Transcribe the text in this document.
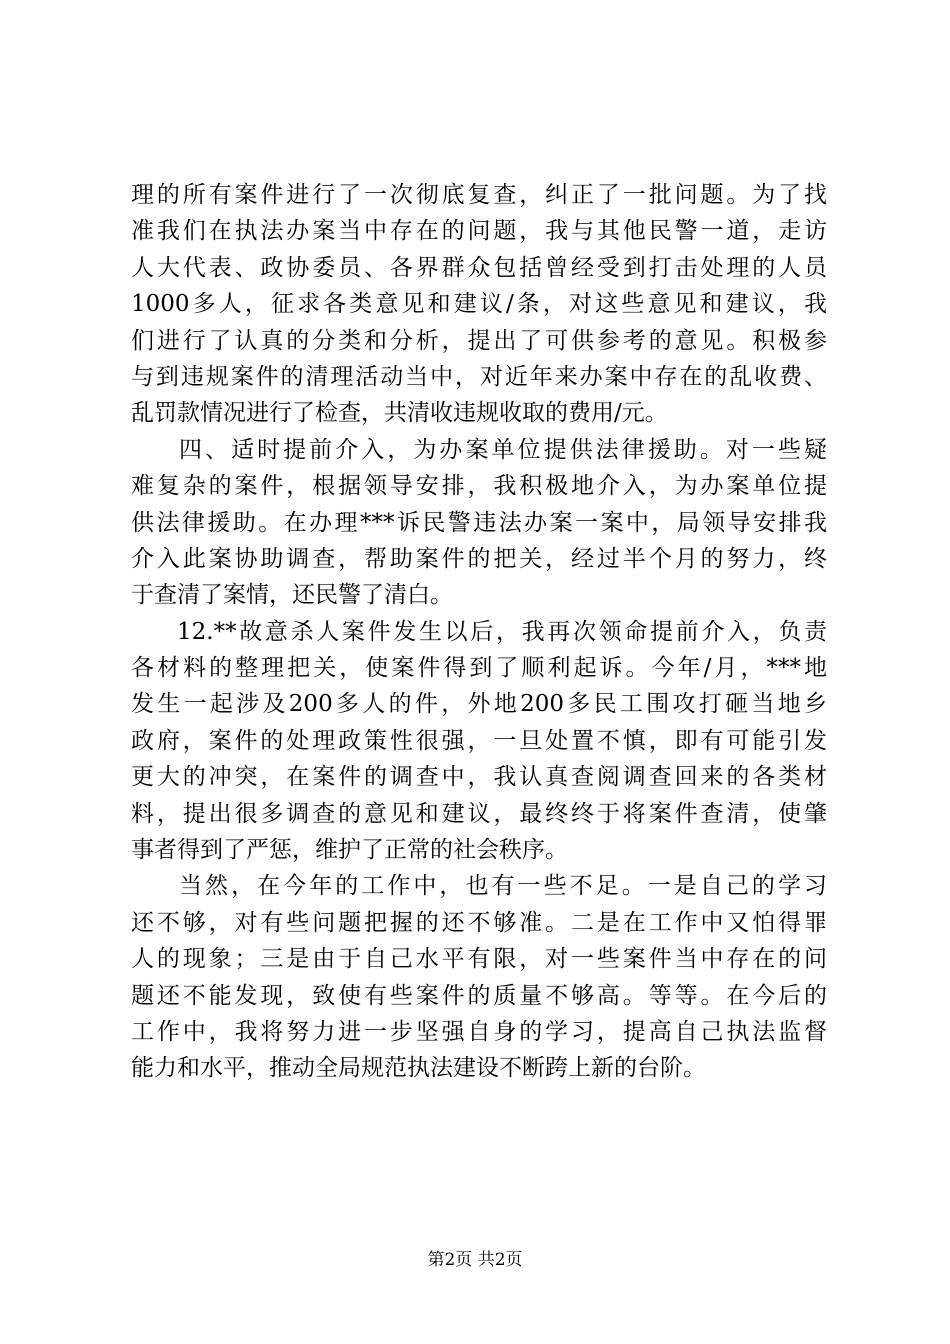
理的所有案件进行了一次彻底复查，纠正了一批问题。为了找
准我们在执法办案当中存在的问题，我与其他民警一道，走访
人大代表、政协委员、各界群众包括曾经受到打击处理的人员
1000多人，征求各类意见和建议/条，对这些意见和建议，我
们进行了认真的分类和分析，提出了可供参考的意见。积极参
与到违规案件的清理活动当中，对近年来办案中存在的乱收费、
乱罚款情况进行了检查，共清收违规收取的费用/元。
四、适时提前介入，为办案单位提供法律援助。对一些疑
难复杂的案件，根据领导安排，我积极地介入，为办案单位提
供法律援助。在办理***诉民警违法办案一案中，局领导安排我
介入此案协助调查，帮助案件的把关，经过半个月的努力，终
于查清了案情，还民警了清白。
12.**故意杀人案件发生以后，我再次领命提前介入，负责
各材料的整理把关，使案件得到了顺利起诉。今年/月，***地
发生一起涉及200多人的件，外地200多民工围攻打砸当地乡
政府，案件的处理政策性很强，一旦处置不慎，即有可能引发
更大的冲突，在案件的调查中，我认真查阅调查回来的各类材
料，提出很多调查的意见和建议，最终终于将案件查清，使肇
事者得到了严惩，维护了正常的社会秩序。
当然，在今年的工作中，也有一些不足。一是自己的学习
还不够，对有些问题把握的还不够准。二是在工作中又怕得罪
人的现象；三是由于自己水平有限，对一些案件当中存在的问
题还不能发现，致使有些案件的质量不够高。等等。在今后的
工作中，我将努力进一步坚强自身的学习，提高自己执法监督
能力和水平，推动全局规范执法建设不断跨上新的台阶。
第2页 共2页
